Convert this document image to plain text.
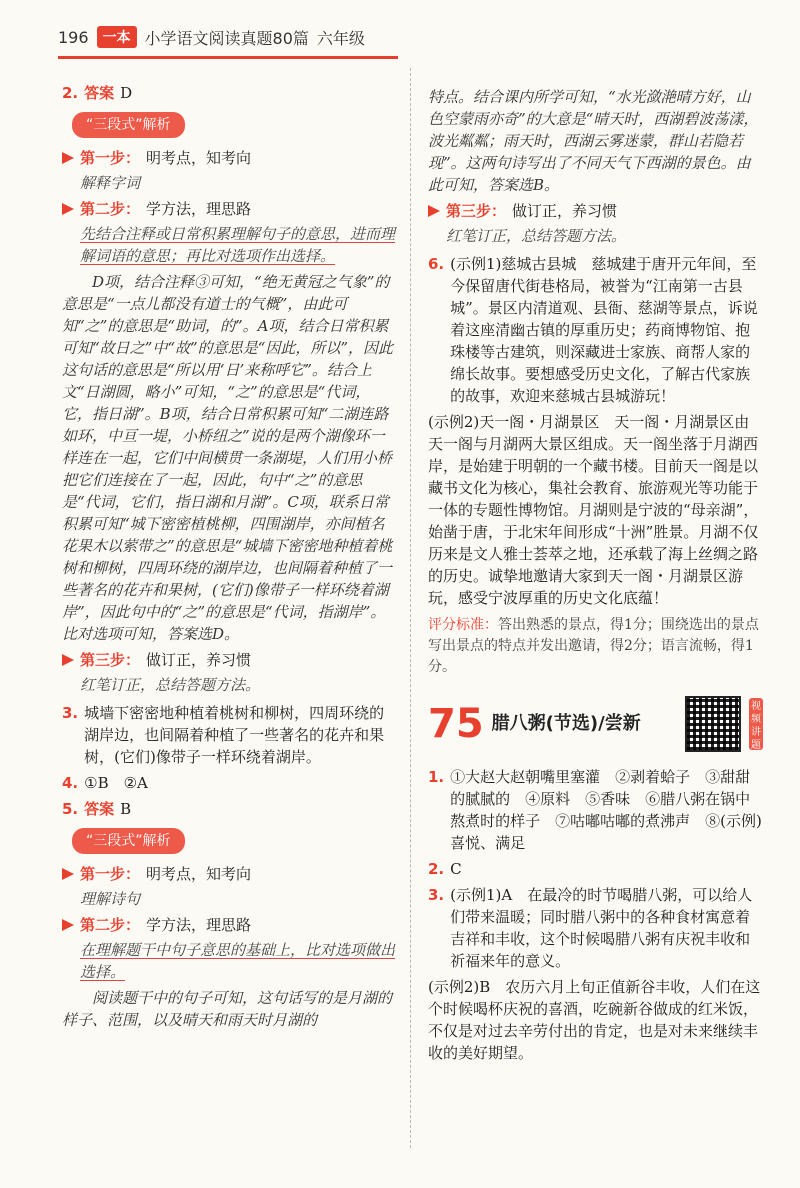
196	一本 小学语文阅读真题80篇 六年级
2. 答案 D
“三段式”解析
第一步： 明考点，知考向
解释字词
第二步： 学方法，理思路
先结合注释或日常积累理解句子的意思，进而理解词语的意思；再比对选项作出选择。
D项，结合注释③可知，“绝无黄冠之气象”的意思是“一点儿都没有道士的气概”，由此可知“之”的意思是“助词，的”。A项，结合日常积累可知“故日之”中“故”的意思是“因此，所以”，因此这句话的意思是“所以用‘日’来称呼它”。结合上文“日湖圆，略小”可知，“之”的意思是“代词，它，指日湖”。B项，结合日常积累可知“二湖连路如环，中亘一堤，小桥纽之”说的是两个湖像环一样连在一起，它们中间横贯一条湖堤，人们用小桥把它们连接在了一起，因此，句中“之”的意思是“代词，它们，指日湖和月湖”。C项，联系日常积累可知“城下密密植桃柳，四围湖岸，亦间植名花果木以萦带之”的意思是“城墙下密密地种植着桃树和柳树，四周环绕的湖岸边，也间隔着种植了一些著名的花卉和果树，(它们)像带子一样环绕着湖岸”，因此句中的“之”的意思是“代词，指湖岸”。比对选项可知，答案选D。
第三步： 做订正，养习惯
红笔订正，总结答题方法。
3. 城墙下密密地种植着桃树和柳树，四周环绕的湖岸边，也间隔着种植了一些著名的花卉和果树，(它们)像带子一样环绕着湖岸。
4. ①B　②A
5. 答案 B
“三段式”解析
第一步： 明考点，知考向
理解诗句
第二步： 学方法，理思路
在理解题干中句子意思的基础上，比对选项做出选择。
阅读题干中的句子可知，这句话写的是月湖的样子、范围，以及晴天和雨天时月湖的
特点。结合课内所学可知，“水光潋滟晴方好，山色空蒙雨亦奇”的大意是“晴天时，西湖碧波荡漾，波光粼粼；雨天时，西湖云雾迷蒙，群山若隐若现”。这两句诗写出了不同天气下西湖的景色。由此可知，答案选B。
第三步： 做订正，养习惯
红笔订正，总结答题方法。
6. (示例1)慈城古县城　慈城建于唐开元年间，至今保留唐代街巷格局，被誉为“江南第一古县城”。景区内清道观、县衙、慈湖等景点，诉说着这座清幽古镇的厚重历史；药商博物馆、抱珠楼等古建筑，则深藏进士家族、商帮人家的绵长故事。要想感受历史文化，了解古代家族的故事，欢迎来慈城古县城游玩！
(示例2)天一阁・月湖景区　天一阁・月湖景区由天一阁与月湖两大景区组成。天一阁坐落于月湖西岸，是始建于明朝的一个藏书楼。目前天一阁是以藏书文化为核心，集社会教育、旅游观光等功能于一体的专题性博物馆。月湖则是宁波的“母亲湖”，始凿于唐，于北宋年间形成“十洲”胜景。月湖不仅历来是文人雅士荟萃之地，还承载了海上丝绸之路的历史。诚挚地邀请大家到天一阁・月湖景区游玩，感受宁波厚重的历史文化底蕴！
评分标准：答出熟悉的景点，得1分；围绕选出的景点写出景点的特点并发出邀请，得2分；语言流畅，得1分。
75 腊八粥(节选)/尝新
视频讲题
1. ①大赵大赵朝嘴里塞灌　②剥着蛤子　③甜甜的腻腻的　④原料　⑤香味　⑥腊八粥在锅中熬煮时的样子　⑦咕嘟咕嘟的煮沸声　⑧(示例)喜悦、满足
2. C
3. (示例1)A　在最冷的时节喝腊八粥，可以给人们带来温暖；同时腊八粥中的各种食材寓意着吉祥和丰收，这个时候喝腊八粥有庆祝丰收和祈福来年的意义。
(示例2)B　农历六月上旬正值新谷丰收，人们在这个时候喝杯庆祝的喜酒，吃碗新谷做成的红米饭，不仅是对过去辛劳付出的肯定，也是对未来继续丰收的美好期望。
